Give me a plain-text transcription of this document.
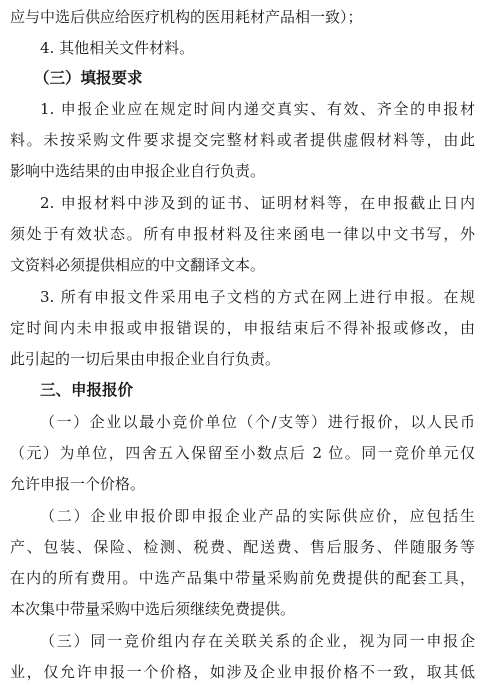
应与中选后供应给医疗机构的医用耗材产品相一致）；
4. 其他相关文件材料。
（三）填报要求
1. 申报企业应在规定时间内递交真实、有效、齐全的申报材
料。未按采购文件要求提交完整材料或者提供虚假材料等，由此
影响中选结果的由申报企业自行负责。
2. 申报材料中涉及到的证书、证明材料等，在申报截止日内
须处于有效状态。所有申报材料及往来函电一律以中文书写，外
文资料必须提供相应的中文翻译文本。
3. 所有申报文件采用电子文档的方式在网上进行申报。在规
定时间内未申报或申报错误的，申报结束后不得补报或修改，由
此引起的一切后果由申报企业自行负责。
三、申报报价
（一）企业以最小竞价单位（个/支等）进行报价，以人民币
（元）为单位，四舍五入保留至小数点后 2 位。同一竞价单元仅
允许申报一个价格。
（二）企业申报价即申报企业产品的实际供应价，应包括生
产、包装、保险、检测、税费、配送费、售后服务、伴随服务等
在内的所有费用。中选产品集中带量采购前免费提供的配套工具，
本次集中带量采购中选后须继续免费提供。
（三）同一竞价组内存在关联关系的企业，视为同一申报企
业，仅允许申报一个价格，如涉及企业申报价格不一致，取其低
